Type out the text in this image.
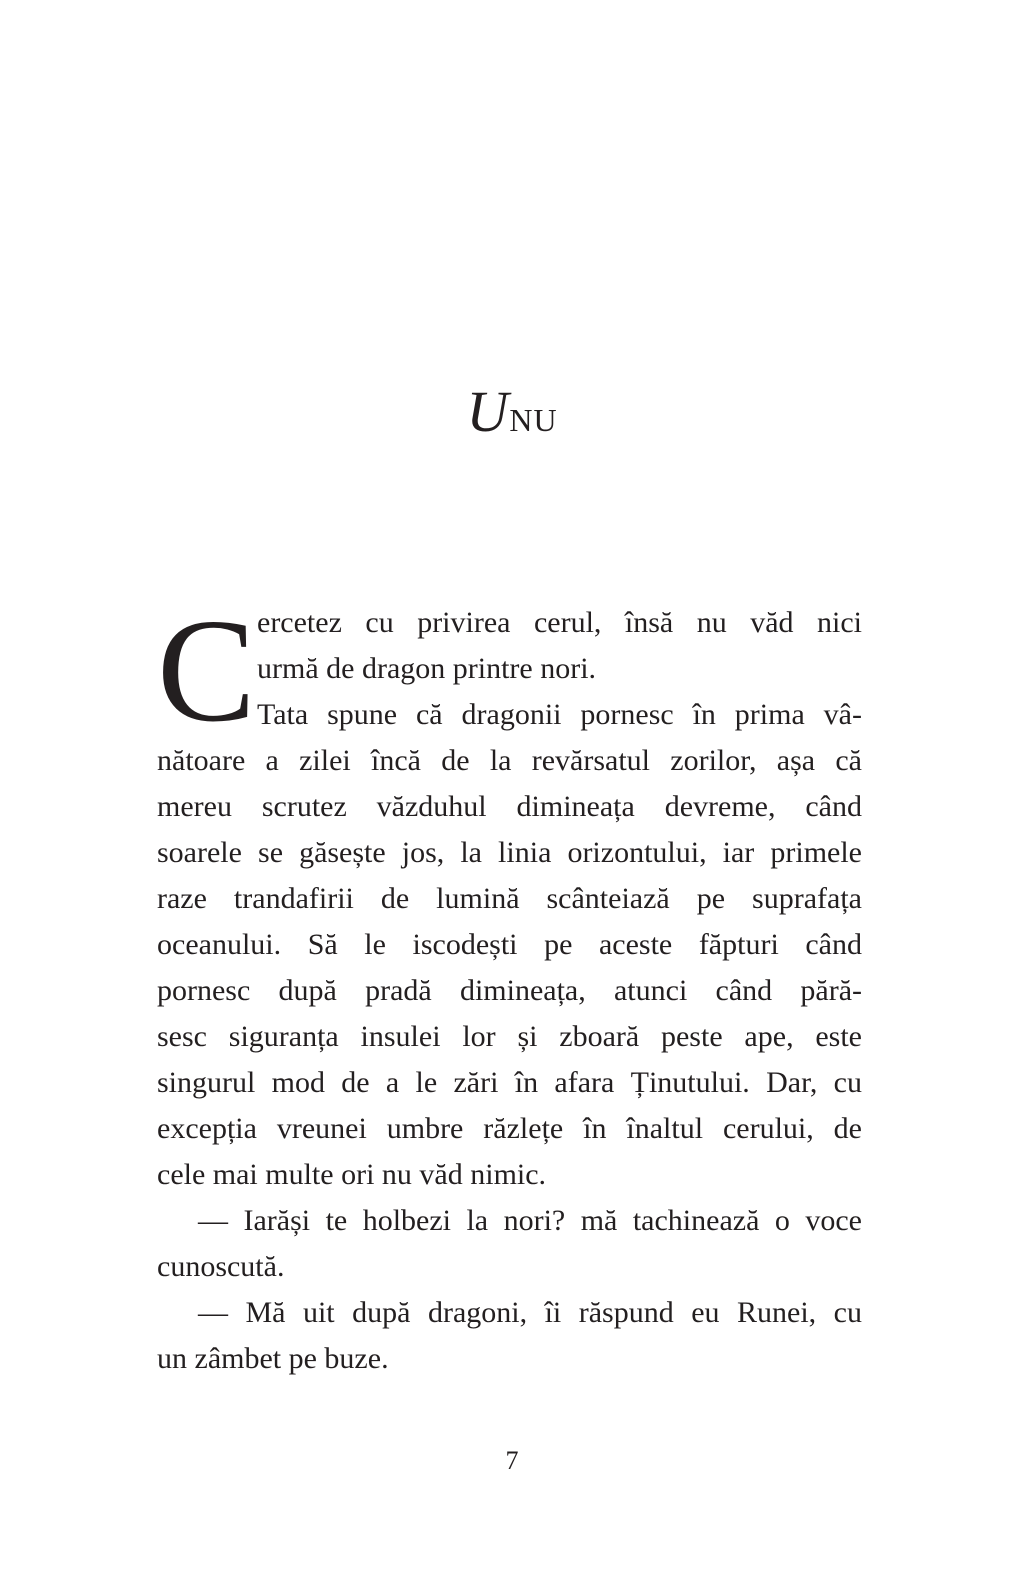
Unu
C ercetez cu privirea cerul, însă nu văd nici
urmă de dragon printre nori.
Tata spune că dragonii pornesc în prima vâ-
nătoare a zilei încă de la revărsatul zorilor, așa că
mereu scrutez văzduhul dimineața devreme, când
soarele se găsește jos, la linia orizontului, iar primele
raze trandafirii de lumină scânteiază pe suprafața
oceanului. Să le iscodești pe aceste făpturi când
pornesc după pradă dimineața, atunci când pără-
sesc siguranța insulei lor și zboară peste ape, este
singurul mod de a le zări în afara Ținutului. Dar, cu
excepția vreunei umbre răzlețe în înaltul cerului, de
cele mai multe ori nu văd nimic.
— Iarăși te holbezi la nori? mă tachinează o voce
cunoscută.
— Mă uit după dragoni, îi răspund eu Runei, cu
un zâmbet pe buze.
7
